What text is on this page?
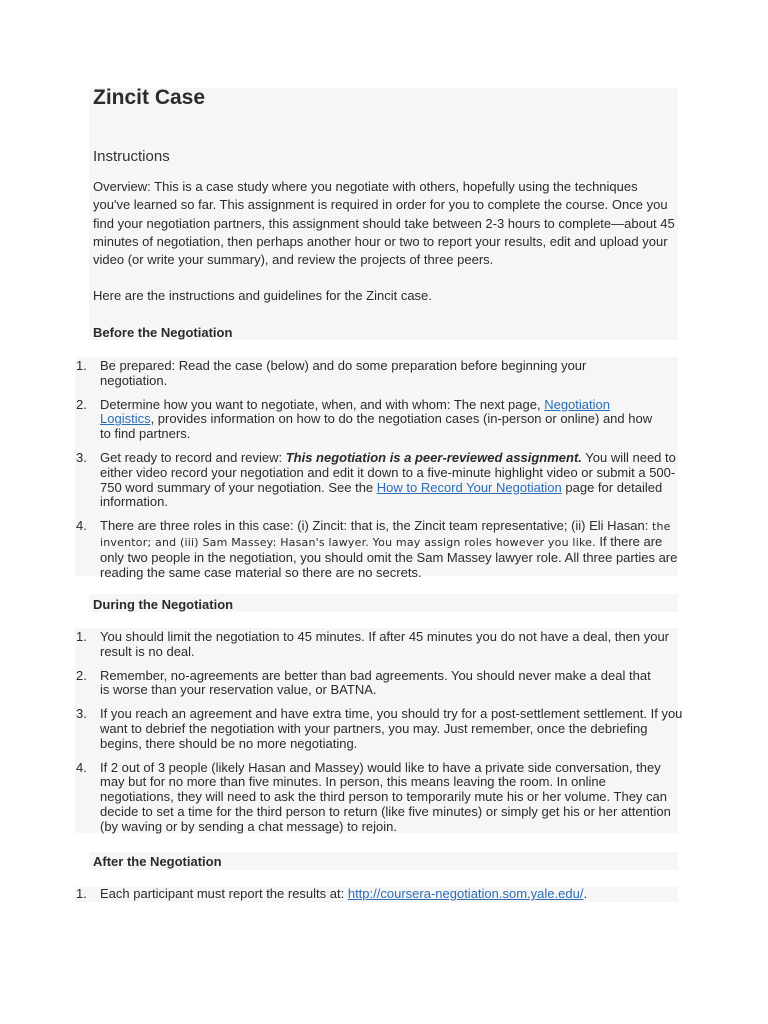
Zincit Case
Instructions

Overview: This is a case study where you negotiate with others, hopefully using the techniques you've learned so far. This assignment is required in order for you to complete the course. Once you find your negotiation partners, this assignment should take between 2-3 hours to complete—about 45 minutes of negotiation, then perhaps another hour or two to report your results, edit and upload your video (or write your summary), and review the projects of three peers.

Here are the instructions and guidelines for the Zincit case.

Before the Negotiation
1. Be prepared: Read the case (below) and do some preparation before beginning your negotiation.
2. Determine how you want to negotiate, when, and with whom: The next page, Negotiation Logistics, provides information on how to do the negotiation cases (in-person or online) and how to find partners.
3. Get ready to record and review: This negotiation is a peer-reviewed assignment. You will need to either video record your negotiation and edit it down to a five-minute highlight video or submit a 500-750 word summary of your negotiation. See the How to Record Your Negotiation page for detailed information.
4. There are three roles in this case: (i) Zincit: that is, the Zincit team representative; (ii) Eli Hasan: the inventor; and (iii) Sam Massey: Hasan's lawyer. You may assign roles however you like. If there are only two people in the negotiation, you should omit the Sam Massey lawyer role. All three parties are reading the same case material so there are no secrets.
During the Negotiation
1. You should limit the negotiation to 45 minutes. If after 45 minutes you do not have a deal, then your result is no deal.
2. Remember, no-agreements are better than bad agreements. You should never make a deal that is worse than your reservation value, or BATNA.
3. If you reach an agreement and have extra time, you should try for a post-settlement settlement. If you want to debrief the negotiation with your partners, you may. Just remember, once the debriefing begins, there should be no more negotiating.
4. If 2 out of 3 people (likely Hasan and Massey) would like to have a private side conversation, they may but for no more than five minutes. In person, this means leaving the room. In online negotiations, they will need to ask the third person to temporarily mute his or her volume. They can decide to set a time for the third person to return (like five minutes) or simply get his or her attention (by waving or by sending a chat message) to rejoin.
After the Negotiation
1. Each participant must report the results at: http://coursera-negotiation.som.yale.edu/.
